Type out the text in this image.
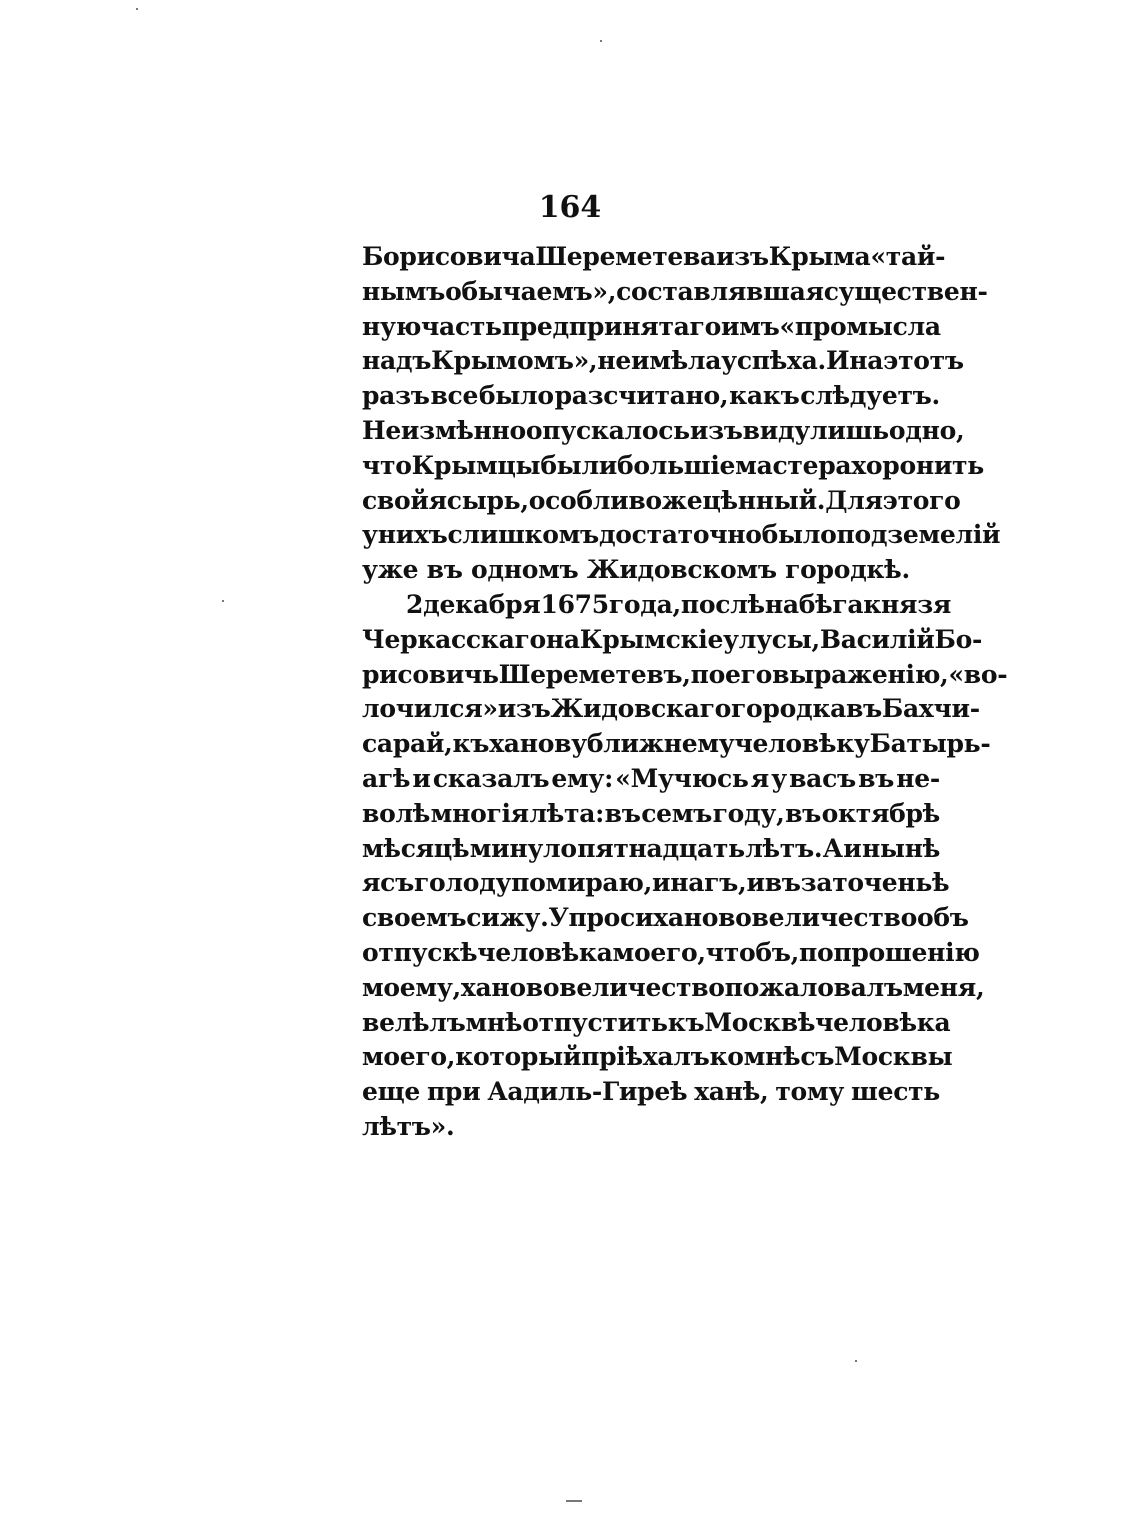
164
Борисовича Шереметева изъ Крыма «тай-
нымъ обычаемъ», составлявшая существен-
ную часть предпринятаго имъ «промысла
надъ Крымомъ», не имѣла успѣха. И на этотъ
разъ все было разсчитано, какъ слѣдуетъ.
Неизмѣнно опускалось изъ виду лишь одно,
что Крымцы были большіе мастера хоронить
свой ясырь, особливо же цѣнный. Для этого
у нихъ слишкомъ достаточно было подземелій
уже въ одномъ Жидовскомъ городкѣ.
2 декабря 1675 года, послѣ набѣга князя
Черкасскаго на Крымскіе улусы, Василій Бо-
рисовичь Шереметевъ, по его выраженію, «во-
лочился» изъ Жидовскаго городка въ Бахчи-
сарай, къ ханову ближнему человѣку Батырь-
агѣ и сказалъ ему: «Мучюсь я у васъ въ не-
волѣ многія лѣта: въ семъ году, въ октябрѣ
мѣсяцѣ минуло пятнадцать лѣтъ. А и нынѣ
я съ голоду помираю, и нагъ, и въ заточеньѣ
своемъ сижу. Упроси ханово величество объ
отпускѣ человѣка моего, чтобъ, по прошенію
моему, ханово величество пожаловалъ меня,
велѣлъ мнѣ отпустить къ Москвѣ человѣка
моего, который пріѣхалъ ко мнѣ съ Москвы
еще при Аадиль-Гиреѣ ханѣ, тому шесть
лѣтъ».
